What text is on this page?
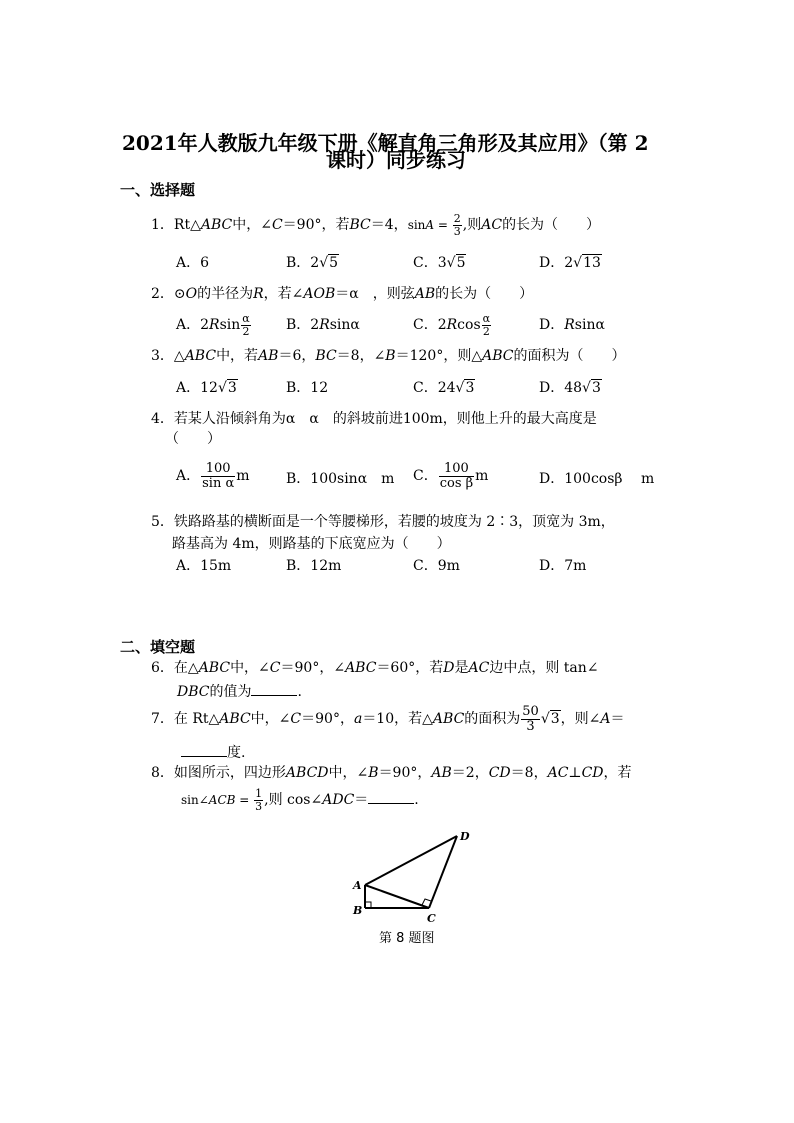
2021年人教版九年级下册《解直角三角形及其应用》（第 2
课时）同步练习
一、选择题
1．Rt△ABC中，∠C＝90°，若BC＝4，$\sin A = \frac{2}{3}$ ,则AC的长为（　　）
A．6	B．2√5	C．3√5	D．2√13
2．⊙O的半径为R，若∠AOB＝α　，则弦AB的长为（　　）
A．$2Rsin \frac{\alpha}{2}$	B．2Rsinα	C．$2Rcos \frac{\alpha}{2}$	D．Rsinα
3．△ABC中，若AB＝6，BC＝8，∠B＝120°，则△ABC的面积为（　　）
A．12√3	B．12	C．24√3	D．48√3
4．若某人沿倾斜角为α　α　的斜坡前进100m，则他上升的最大高度是
（　　）
A． $\frac{100}{\text{sin α}}$ m	B．100sinα　m C． $\frac{100}{\text{cos β}}$ m	D．100cosβ　 m
5．铁路路基的横断面是一个等腰梯形，若腰的坡度为 2∶3，顶宽为 3m，
路基高为 4m，则路基的下底宽应为（　　）
A．15m	B．12m	C．9m	D．7m
二、填空题
6．在△ABC中，∠C＝90°，∠ABC＝60°，若D是AC边中点，则 tan∠
DBC的值为	.
7．在 Rt△ABC中，∠C＝90°，a＝10，若△ABC的面积为 $\frac{50}{3} √3$，则∠A＝
度.
8．如图所示，四边形ABCD中，∠B＝90°，AB＝2，CD＝8，AC⊥CD，若
sin∠ACB = $\frac{1}{3}$ ,则 cos∠ADC＝	.
A
B
C
D
第 8 题图
